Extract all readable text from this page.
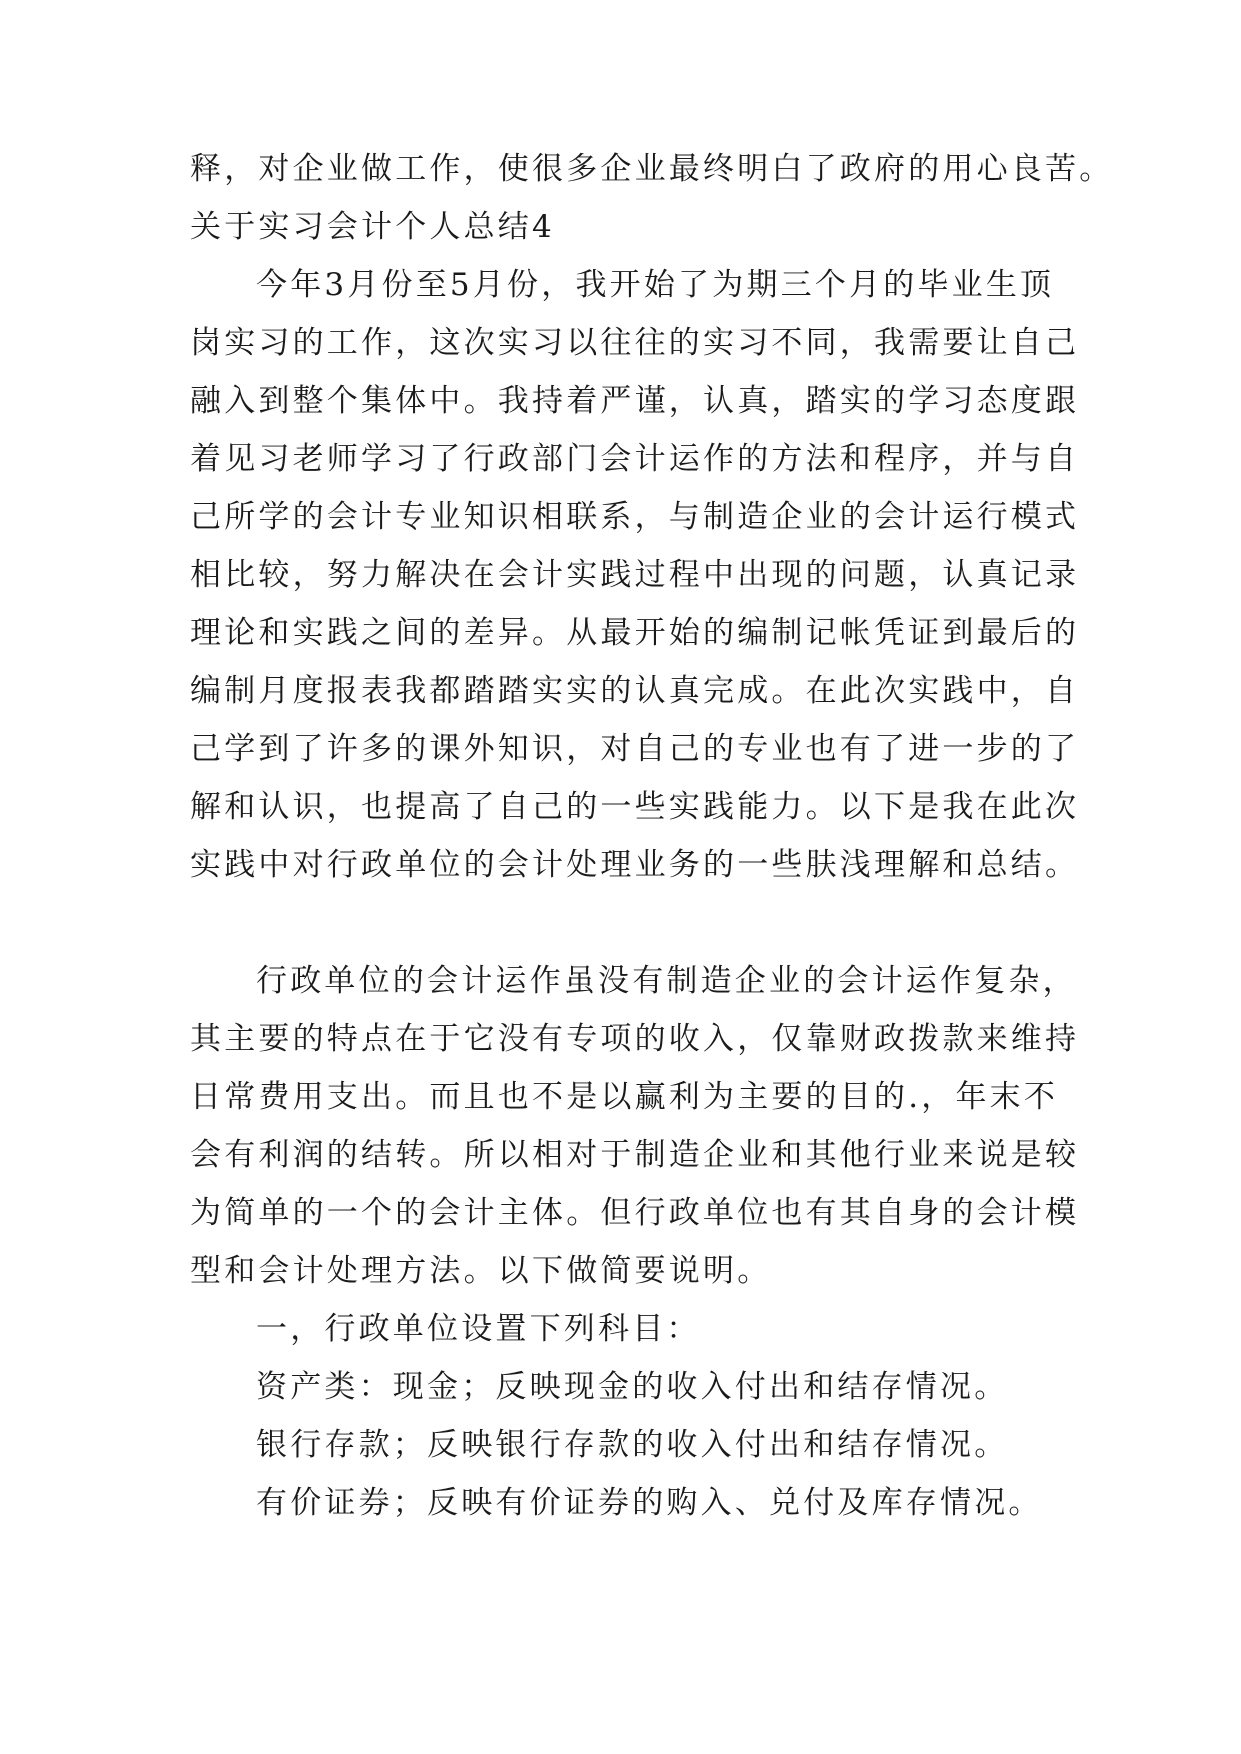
释，对企业做工作，使很多企业最终明白了政府的用心良苦。
关于实习会计个人总结4
今年3月份至5月份，我开始了为期三个月的毕业生顶
岗实习的工作，这次实习以往往的实习不同，我需要让自己
融入到整个集体中。我持着严谨，认真，踏实的学习态度跟
着见习老师学习了行政部门会计运作的方法和程序，并与自
己所学的会计专业知识相联系，与制造企业的会计运行模式
相比较，努力解决在会计实践过程中出现的问题，认真记录
理论和实践之间的差异。从最开始的编制记帐凭证到最后的
编制月度报表我都踏踏实实的认真完成。在此次实践中，自
己学到了许多的课外知识，对自己的专业也有了进一步的了
解和认识，也提高了自己的一些实践能力。以下是我在此次
实践中对行政单位的会计处理业务的一些肤浅理解和总结。
行政单位的会计运作虽没有制造企业的会计运作复杂，
其主要的特点在于它没有专项的收入，仅靠财政拨款来维持
日常费用支出。而且也不是以赢利为主要的目的.，年末不
会有利润的结转。所以相对于制造企业和其他行业来说是较
为简单的一个的会计主体。但行政单位也有其自身的会计模
型和会计处理方法。以下做简要说明。
一，行政单位设置下列科目：
资产类：现金；反映现金的收入付出和结存情况。
银行存款；反映银行存款的收入付出和结存情况。
有价证券；反映有价证券的购入、兑付及库存情况。
